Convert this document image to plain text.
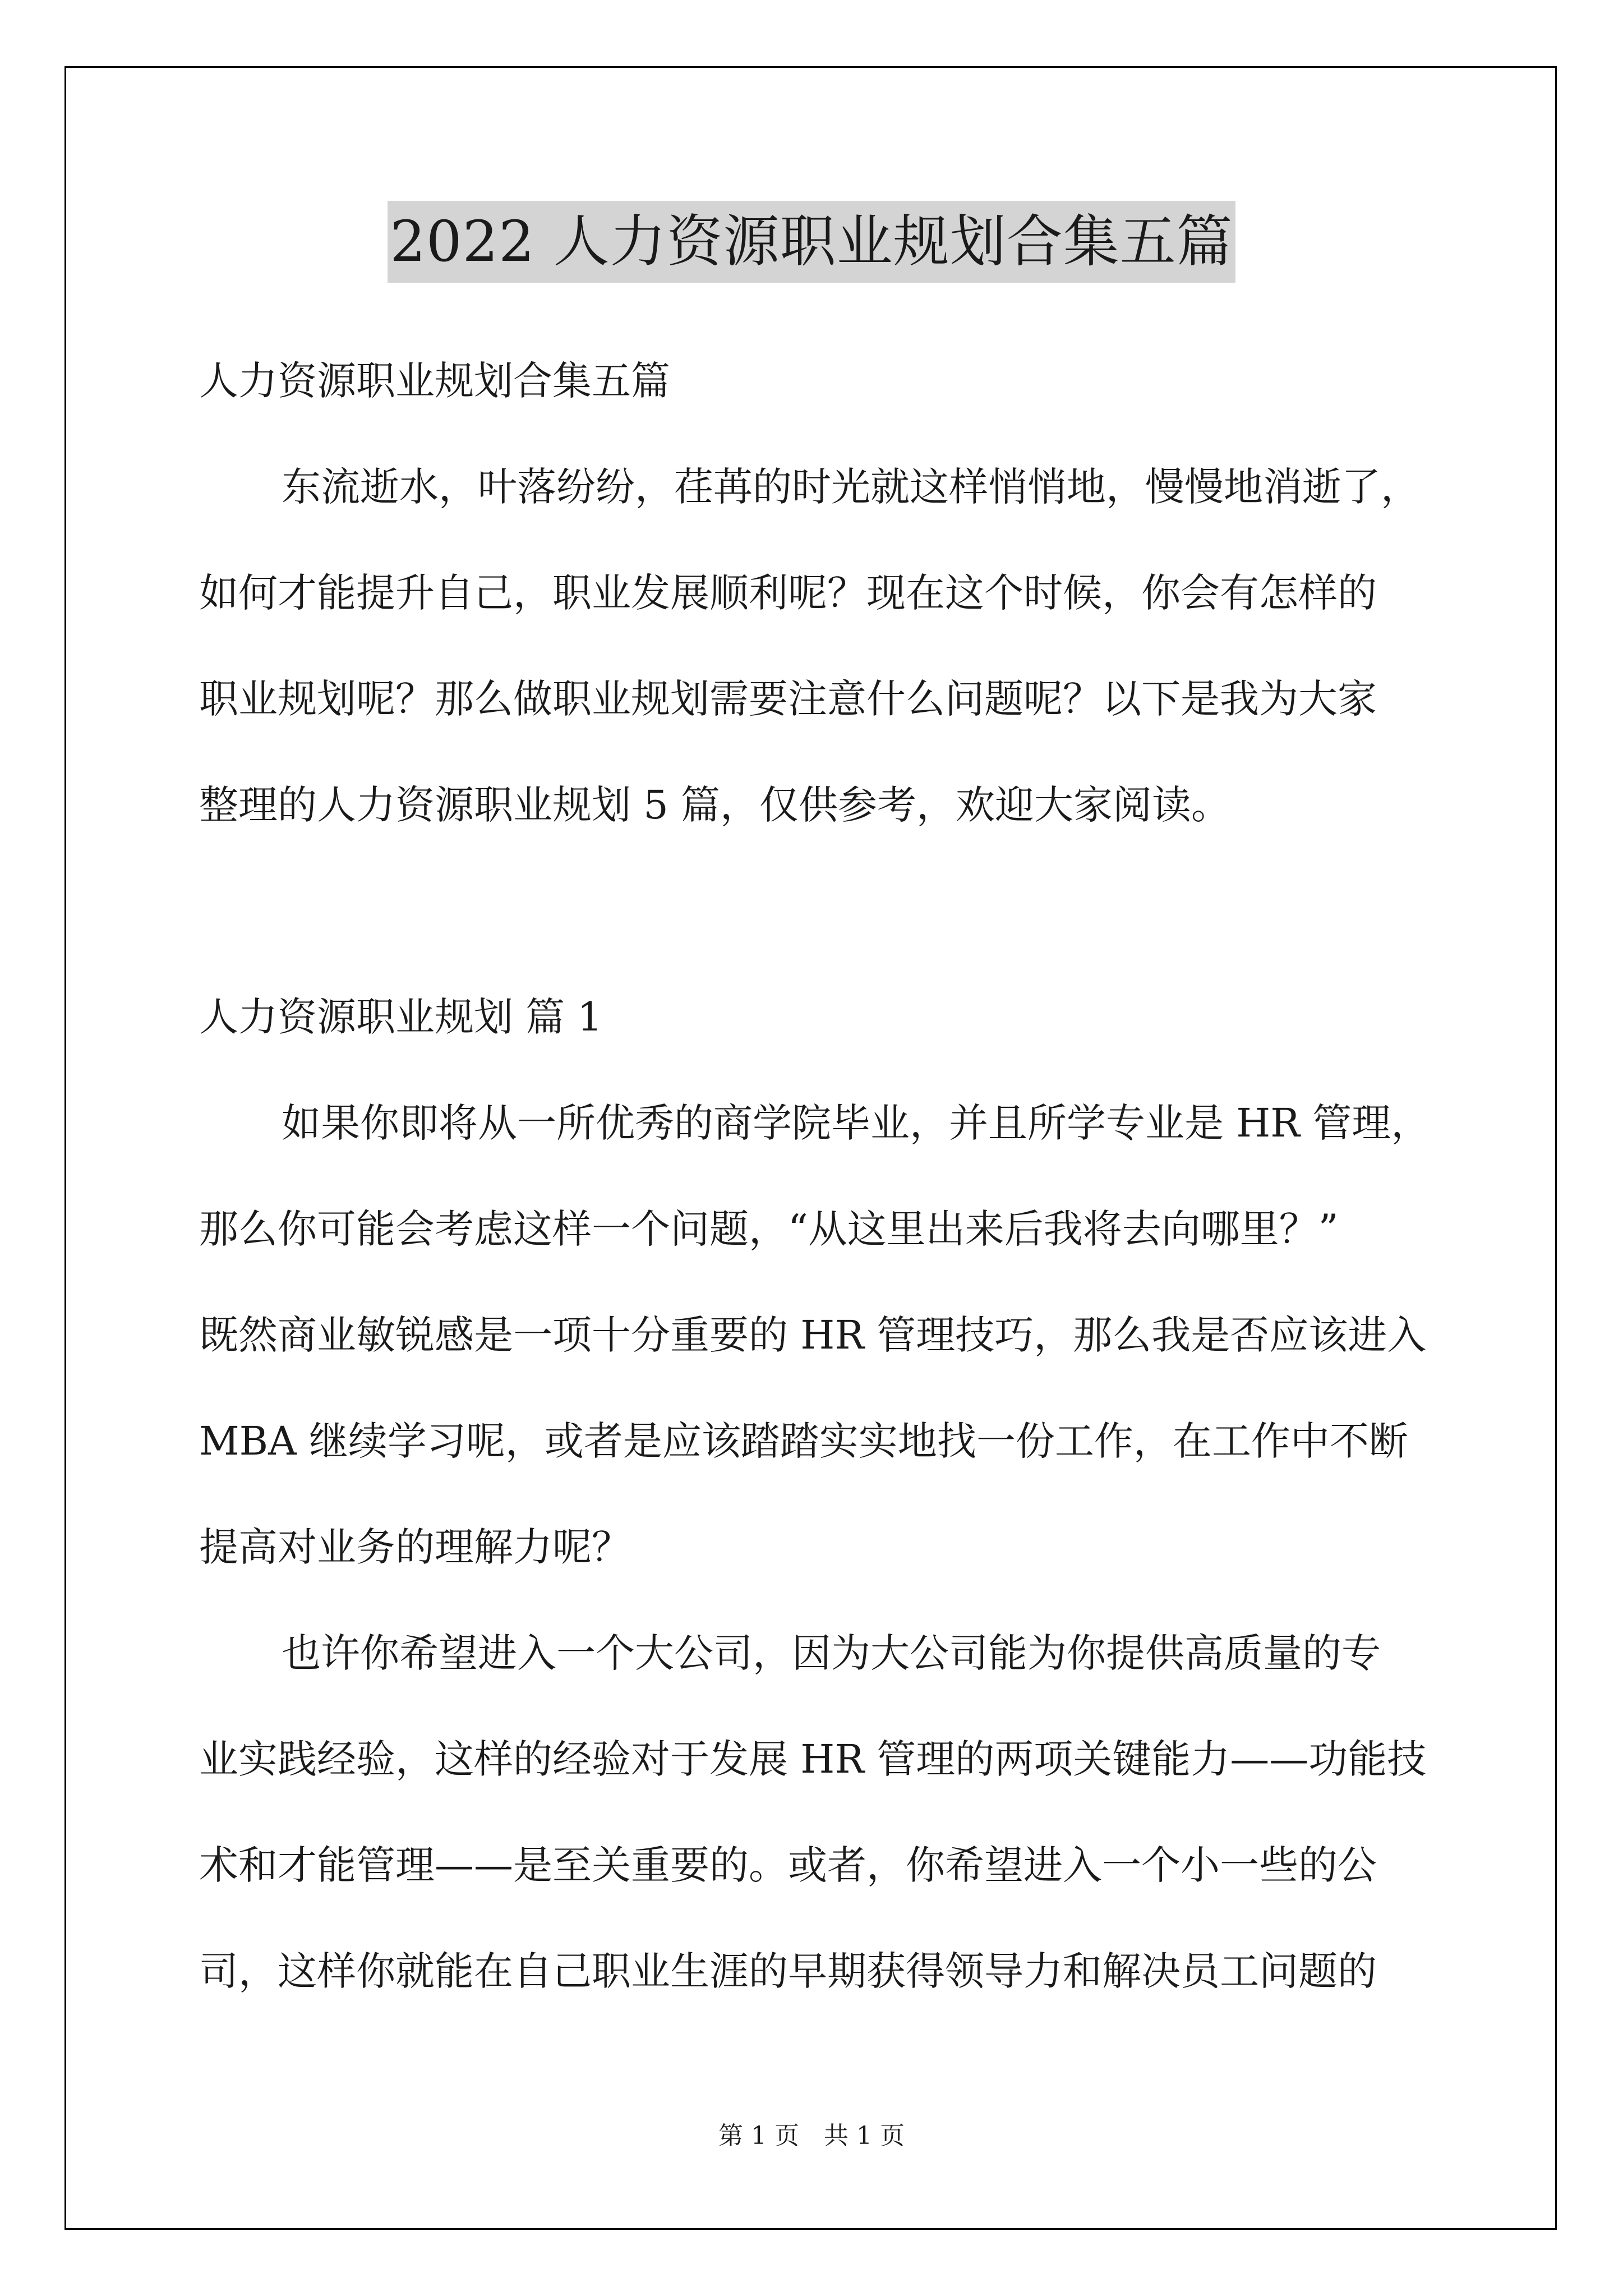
2022 人力资源职业规划合集五篇
人力资源职业规划合集五篇
东流逝水，叶落纷纷，荏苒的时光就这样悄悄地，慢慢地消逝了，
如何才能提升自己，职业发展顺利呢？现在这个时候，你会有怎样的
职业规划呢？那么做职业规划需要注意什么问题呢？以下是我为大家
整理的人力资源职业规划 5 篇，仅供参考，欢迎大家阅读。
人力资源职业规划 篇 1
如果你即将从一所优秀的商学院毕业，并且所学专业是 HR 管理，
那么你可能会考虑这样一个问题，“从这里出来后我将去向哪里？”
既然商业敏锐感是一项十分重要的 HR 管理技巧，那么我是否应该进入
MBA 继续学习呢，或者是应该踏踏实实地找一份工作，在工作中不断
提高对业务的理解力呢？
也许你希望进入一个大公司，因为大公司能为你提供高质量的专
业实践经验，这样的经验对于发展 HR 管理的两项关键能力——功能技
术和才能管理——是至关重要的。或者，你希望进入一个小一些的公
司，这样你就能在自己职业生涯的早期获得领导力和解决员工问题的
第 1 页　共 1 页
